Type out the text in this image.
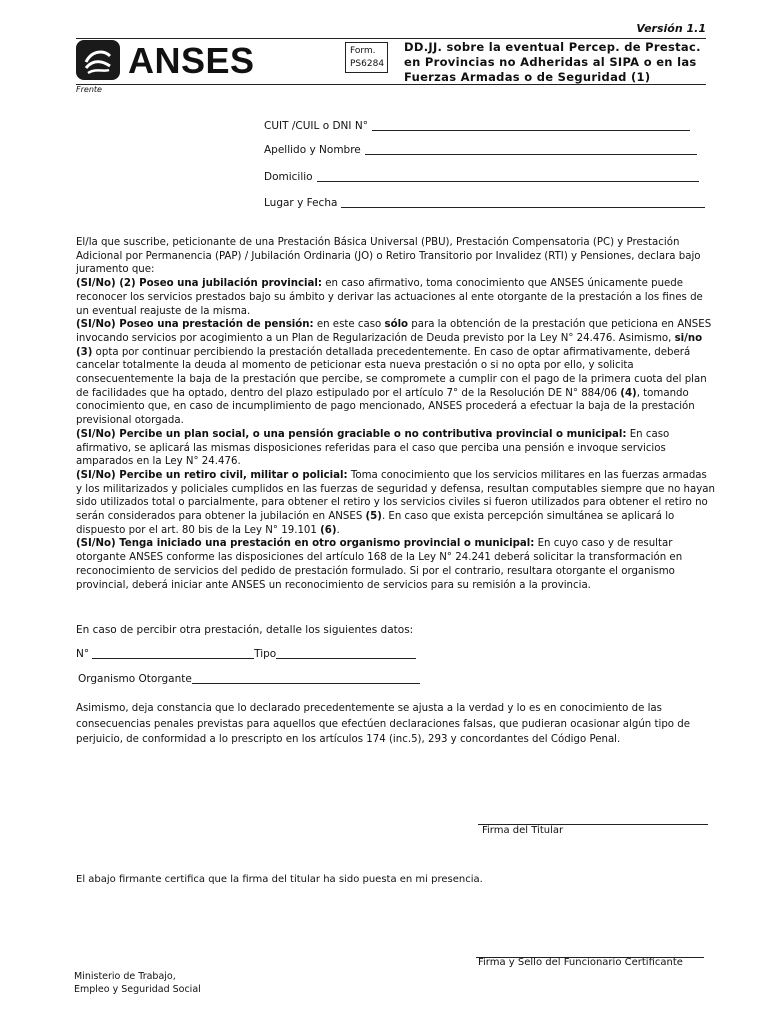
Versión 1.1
ANSES	Form.
PS6284
DD.JJ. sobre la eventual Percep. de Prestac. en Provincias no Adheridas al SIPA o en las Fuerzas Armadas o de Seguridad (1)
Frente
CUIT /CUIL o DNI N°
Apellido y Nombre
Domicilio
Lugar y Fecha

El/la que suscribe, peticionante de una Prestación Básica Universal (PBU), Prestación Compensatoria (PC) y Prestación Adicional por Permanencia (PAP) / Jubilación Ordinaria (JO) o Retiro Transitorio por Invalidez (RTI) y Pensiones, declara bajo juramento que:

(SI/No) (2) Poseo una jubilación provincial: en caso afirmativo, toma conocimiento que ANSES únicamente puede reconocer los servicios prestados bajo su ámbito y derivar las actuaciones al ente otorgante de la prestación a los fines de un eventual reajuste de la misma.

(SI/No) Poseo una prestación de pensión: en este caso sólo para la obtención de la prestación que peticiona en ANSES invocando servicios por acogimiento a un Plan de Regularización de Deuda previsto por la Ley N° 24.476. Asimismo, si/no (3) opta por continuar percibiendo la prestación detallada precedentemente. En caso de optar afirmativamente, deberá cancelar totalmente la deuda al momento de peticionar esta nueva prestación o si no opta por ello, y solicita consecuentemente la baja de la prestación que percibe, se compromete a cumplir con el pago de la primera cuota del plan de facilidades que ha optado, dentro del plazo estipulado por el artículo 7° de la Resolución DE N° 884/06 (4), tomando conocimiento que, en caso de incumplimiento de pago mencionado, ANSES procederá a efectuar la baja de la prestación previsional otorgada.

(SI/No) Percibe un plan social, o una pensión graciable o no contributiva provincial o municipal: En caso afirmativo, se aplicará las mismas disposiciones referidas para el caso que perciba una pensión e invoque servicios amparados en la Ley N° 24.476.

(SI/No) Percibe un retiro civil, militar o policial: Toma conocimiento que los servicios militares en las fuerzas armadas y los militarizados y policiales cumplidos en las fuerzas de seguridad y defensa, resultan computables siempre que no hayan sido utilizados total o parcialmente, para obtener el retiro y los servicios civiles si fueron utilizados para obtener el retiro no serán considerados para obtener la jubilación en ANSES (5). En caso que exista percepción simultánea se aplicará lo dispuesto por el art. 80 bis de la Ley N° 19.101 (6).

(SI/No) Tenga iniciado una prestación en otro organismo provincial o municipal: En cuyo caso y de resultar otorgante ANSES conforme las disposiciones del artículo 168 de la Ley N° 24.241 deberá solicitar la transformación en reconocimiento de servicios del pedido de prestación formulado. Si por el contrario, resultara otorgante el organismo provincial, deberá iniciar ante ANSES un reconocimiento de servicios para su remisión a la provincia.

En caso de percibir otra prestación, detalle los siguientes datos:
N°	Tipo
Organismo Otorgante
Asimismo, deja constancia que lo declarado precedentemente se ajusta a la verdad y lo es en conocimiento de las consecuencias penales previstas para aquellos que efectúen declaraciones falsas, que pudieran ocasionar algún tipo de perjuicio, de conformidad a lo prescripto en los artículos 174 (inc.5), 293 y concordantes del Código Penal.
Firma del Titular
El abajo firmante certifica que la firma del titular ha sido puesta en mi presencia.
Firma y Sello del Funcionario Certificante
Ministerio de Trabajo,
Empleo y Seguridad Social
